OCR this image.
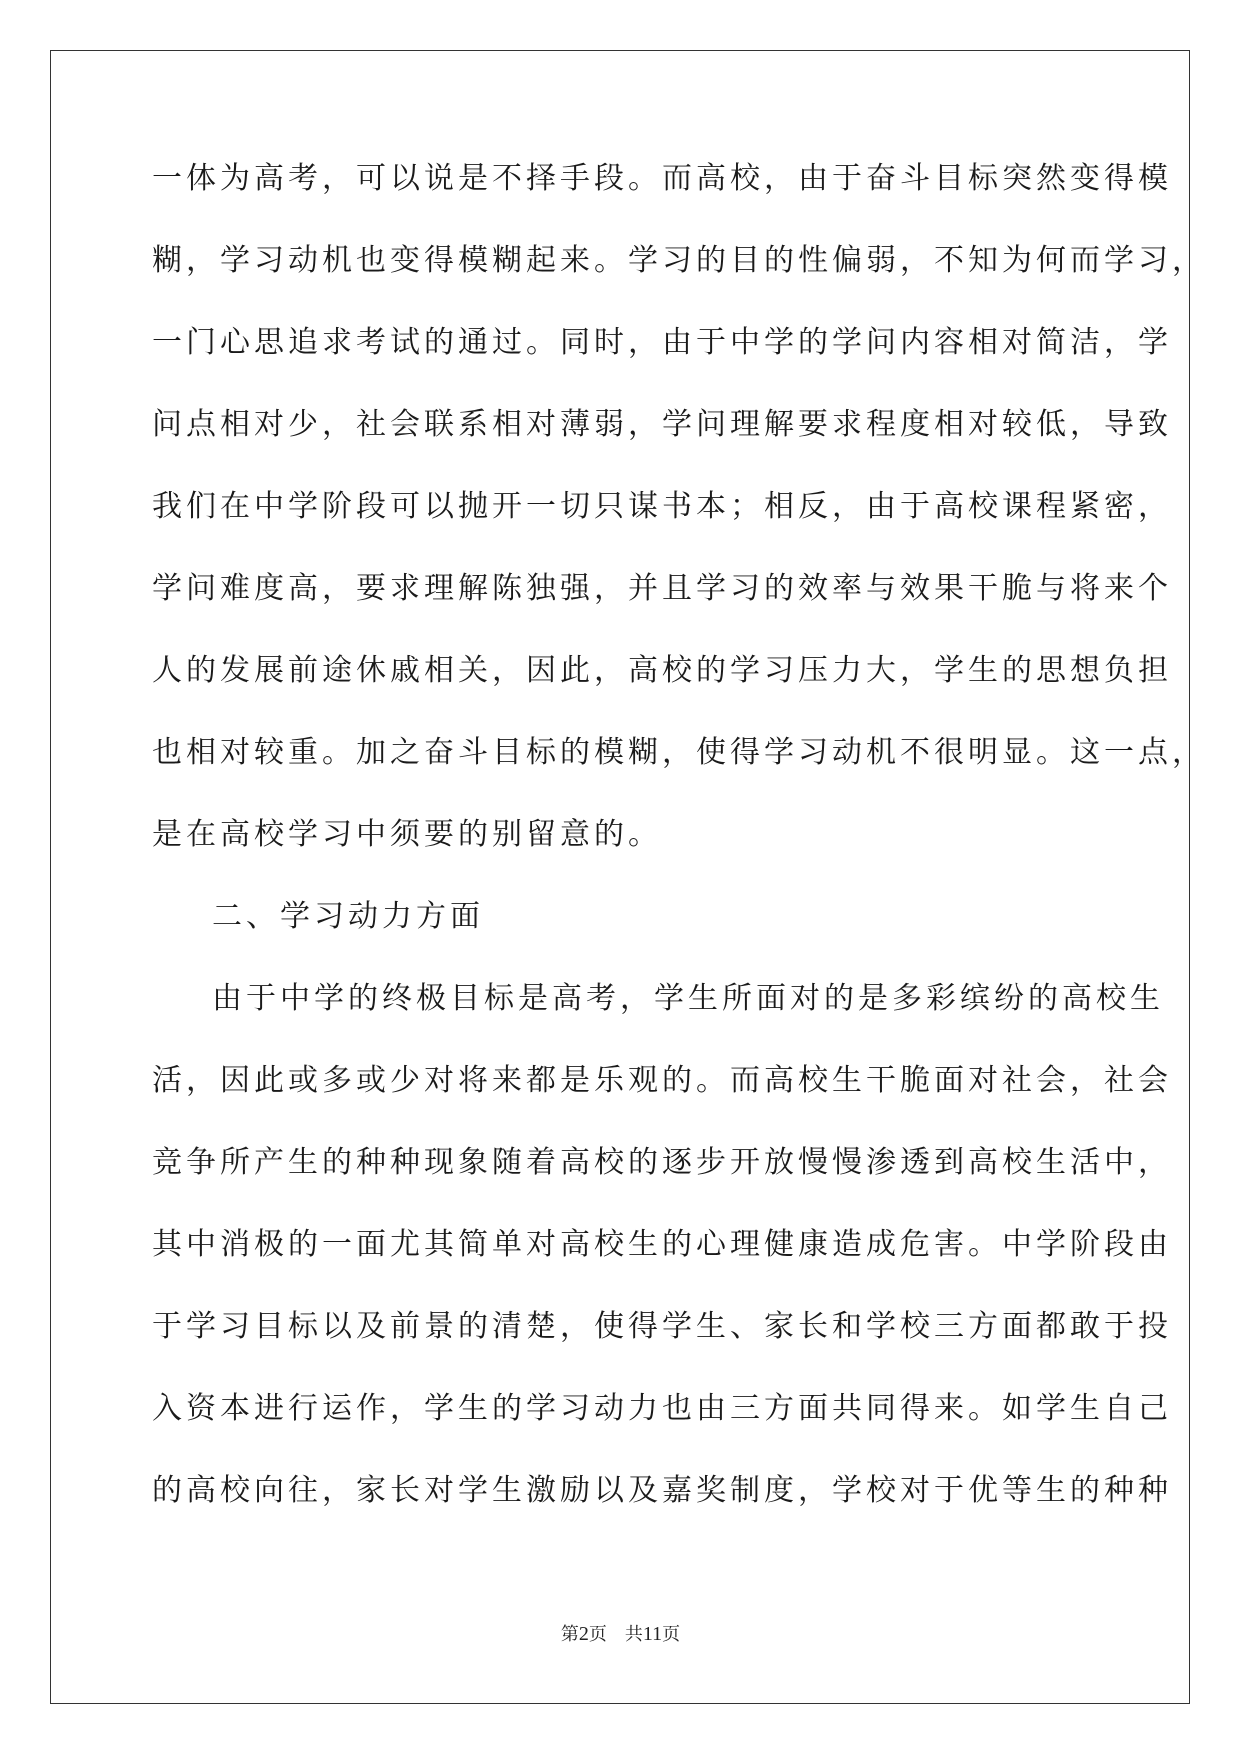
一体为高考，可以说是不择手段。而高校，由于奋斗目标突然变得模
糊，学习动机也变得模糊起来。学习的目的性偏弱，不知为何而学习，
一门心思追求考试的通过。同时，由于中学的学问内容相对简洁，学
问点相对少，社会联系相对薄弱，学问理解要求程度相对较低，导致
我们在中学阶段可以抛开一切只谋书本；相反，由于高校课程紧密，
学问难度高，要求理解陈独强，并且学习的效率与效果干脆与将来个
人的发展前途休戚相关，因此，高校的学习压力大，学生的思想负担
也相对较重。加之奋斗目标的模糊，使得学习动机不很明显。这一点，
是在高校学习中须要的别留意的。
二、学习动力方面
由于中学的终极目标是高考，学生所面对的是多彩缤纷的高校生
活，因此或多或少对将来都是乐观的。而高校生干脆面对社会，社会
竞争所产生的种种现象随着高校的逐步开放慢慢渗透到高校生活中，
其中消极的一面尤其简单对高校生的心理健康造成危害。中学阶段由
于学习目标以及前景的清楚，使得学生、家长和学校三方面都敢于投
入资本进行运作，学生的学习动力也由三方面共同得来。如学生自己
的高校向往，家长对学生激励以及嘉奖制度，学校对于优等生的种种
第2页 共11页
